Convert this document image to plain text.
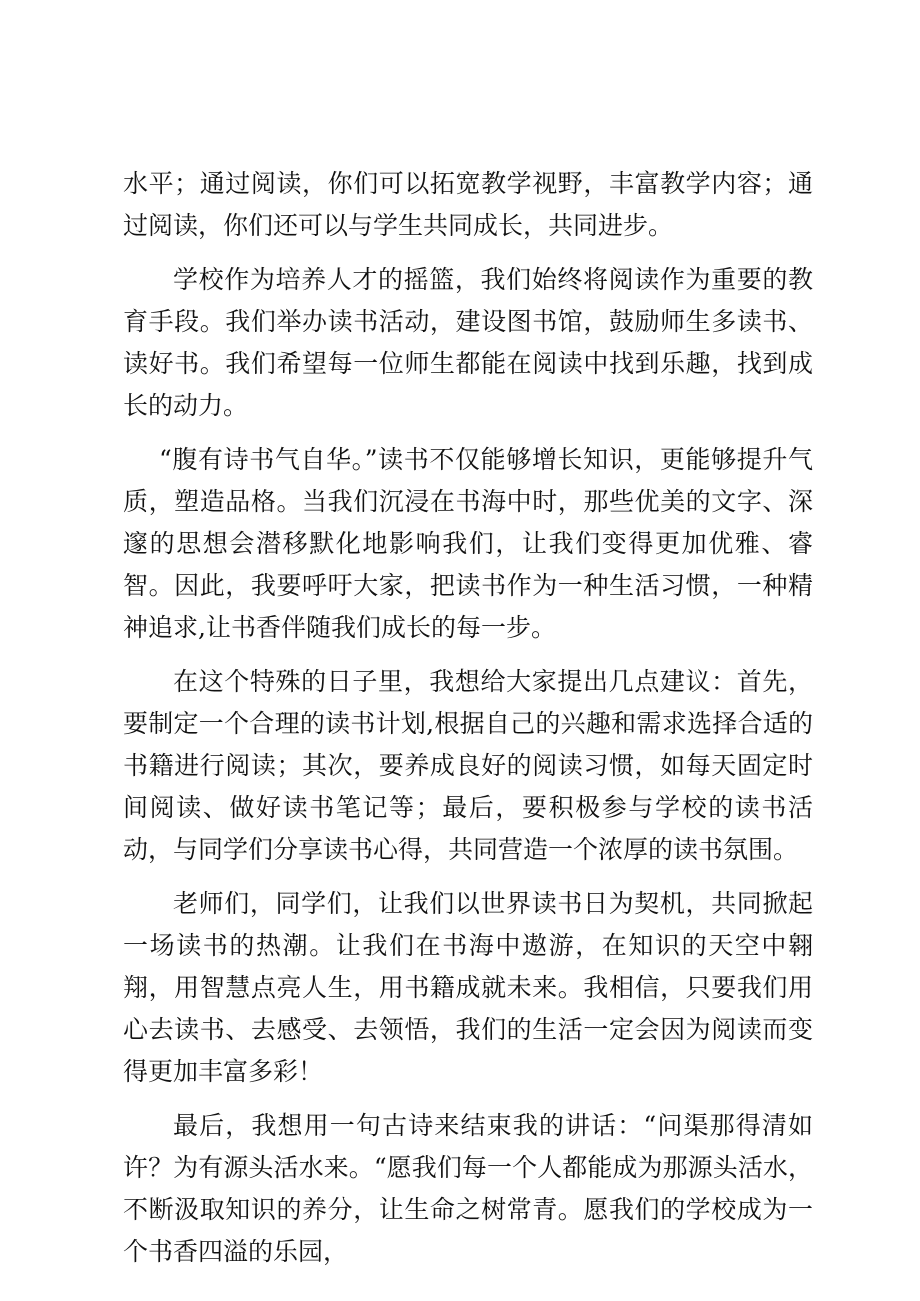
水平；通过阅读，你们可以拓宽教学视野，丰富教学内容；通过阅读，你们还可以与学生共同成长，共同进步。

学校作为培养人才的摇篮，我们始终将阅读作为重要的教育手段。我们举办读书活动，建设图书馆，鼓励师生多读书、读好书。我们希望每一位师生都能在阅读中找到乐趣，找到成长的动力。

“腹有诗书气自华。”读书不仅能够增长知识，更能够提升气质，塑造品格。当我们沉浸在书海中时，那些优美的文字、深邃的思想会潜移默化地影响我们，让我们变得更加优雅、睿智。因此，我要呼吁大家，把读书作为一种生活习惯，一种精神追求,让书香伴随我们成长的每一步。

在这个特殊的日子里，我想给大家提出几点建议：首先，要制定一个合理的读书计划,根据自己的兴趣和需求选择合适的书籍进行阅读；其次，要养成良好的阅读习惯，如每天固定时间阅读、做好读书笔记等；最后，要积极参与学校的读书活动，与同学们分享读书心得，共同营造一个浓厚的读书氛围。

老师们，同学们，让我们以世界读书日为契机，共同掀起一场读书的热潮。让我们在书海中遨游，在知识的天空中翱翔，用智慧点亮人生，用书籍成就未来。我相信，只要我们用心去读书、去感受、去领悟，我们的生活一定会因为阅读而变得更加丰富多彩！

最后，我想用一句古诗来结束我的讲话：“问渠那得清如许？为有源头活水来。“愿我们每一个人都能成为那源头活水，不断汲取知识的养分，让生命之树常青。愿我们的学校成为一个书香四溢的乐园，
